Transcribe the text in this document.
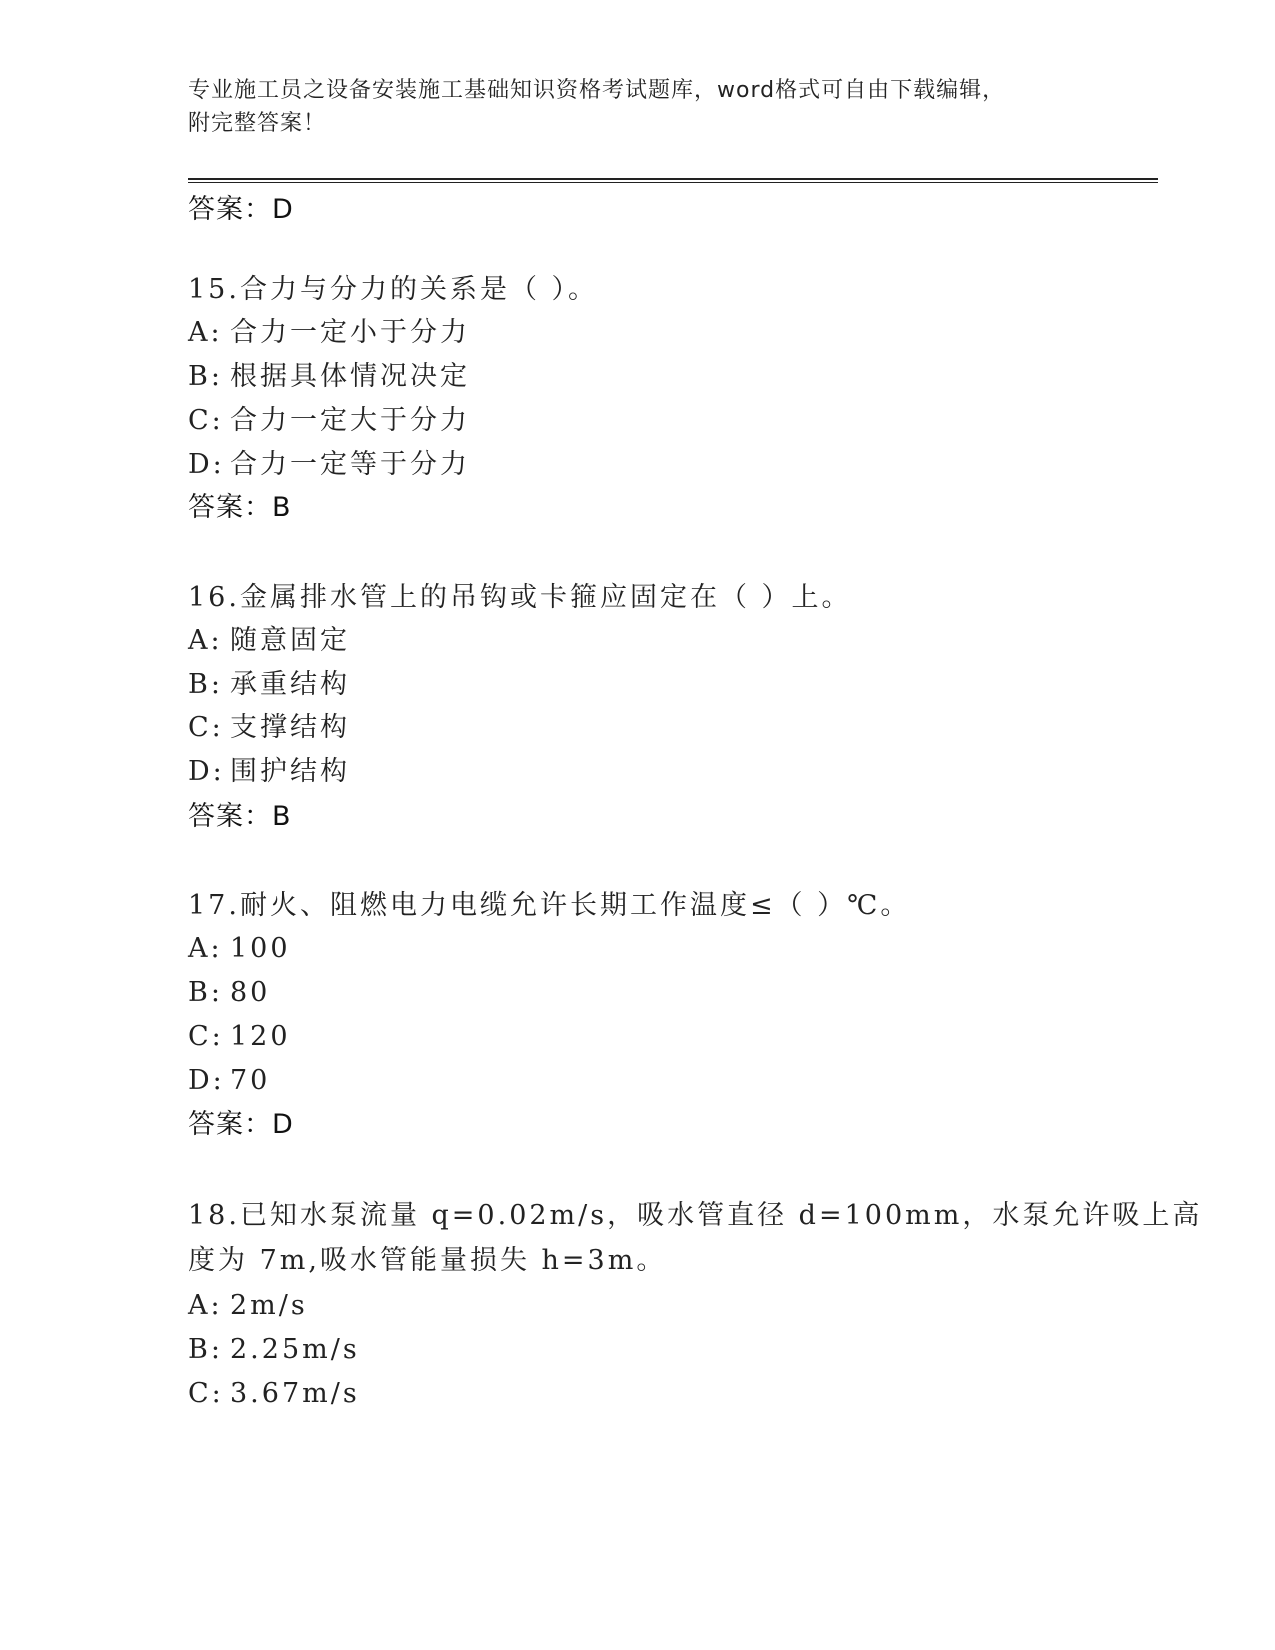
专业施工员之设备安装施工基础知识资格考试题库，word格式可自由下载编辑，
附完整答案！
答案：D
15.合力与分力的关系是（ ）。
A: 合力一定小于分力
B: 根据具体情况决定
C: 合力一定大于分力
D: 合力一定等于分力
答案：B
16.金属排水管上的吊钩或卡箍应固定在（ ）上。
A: 随意固定
B: 承重结构
C: 支撑结构
D: 围护结构
答案：B
17.耐火、阻燃电力电缆允许长期工作温度≤（ ）℃。
A: 100
B: 80
C: 120
D: 70
答案：D
18.已知水泵流量 q=0.02m/s，吸水管直径 d=100mm，水泵允许吸上高
度为 7m,吸水管能量损失 h=3m。
A: 2m/s
B: 2.25m/s
C: 3.67m/s
